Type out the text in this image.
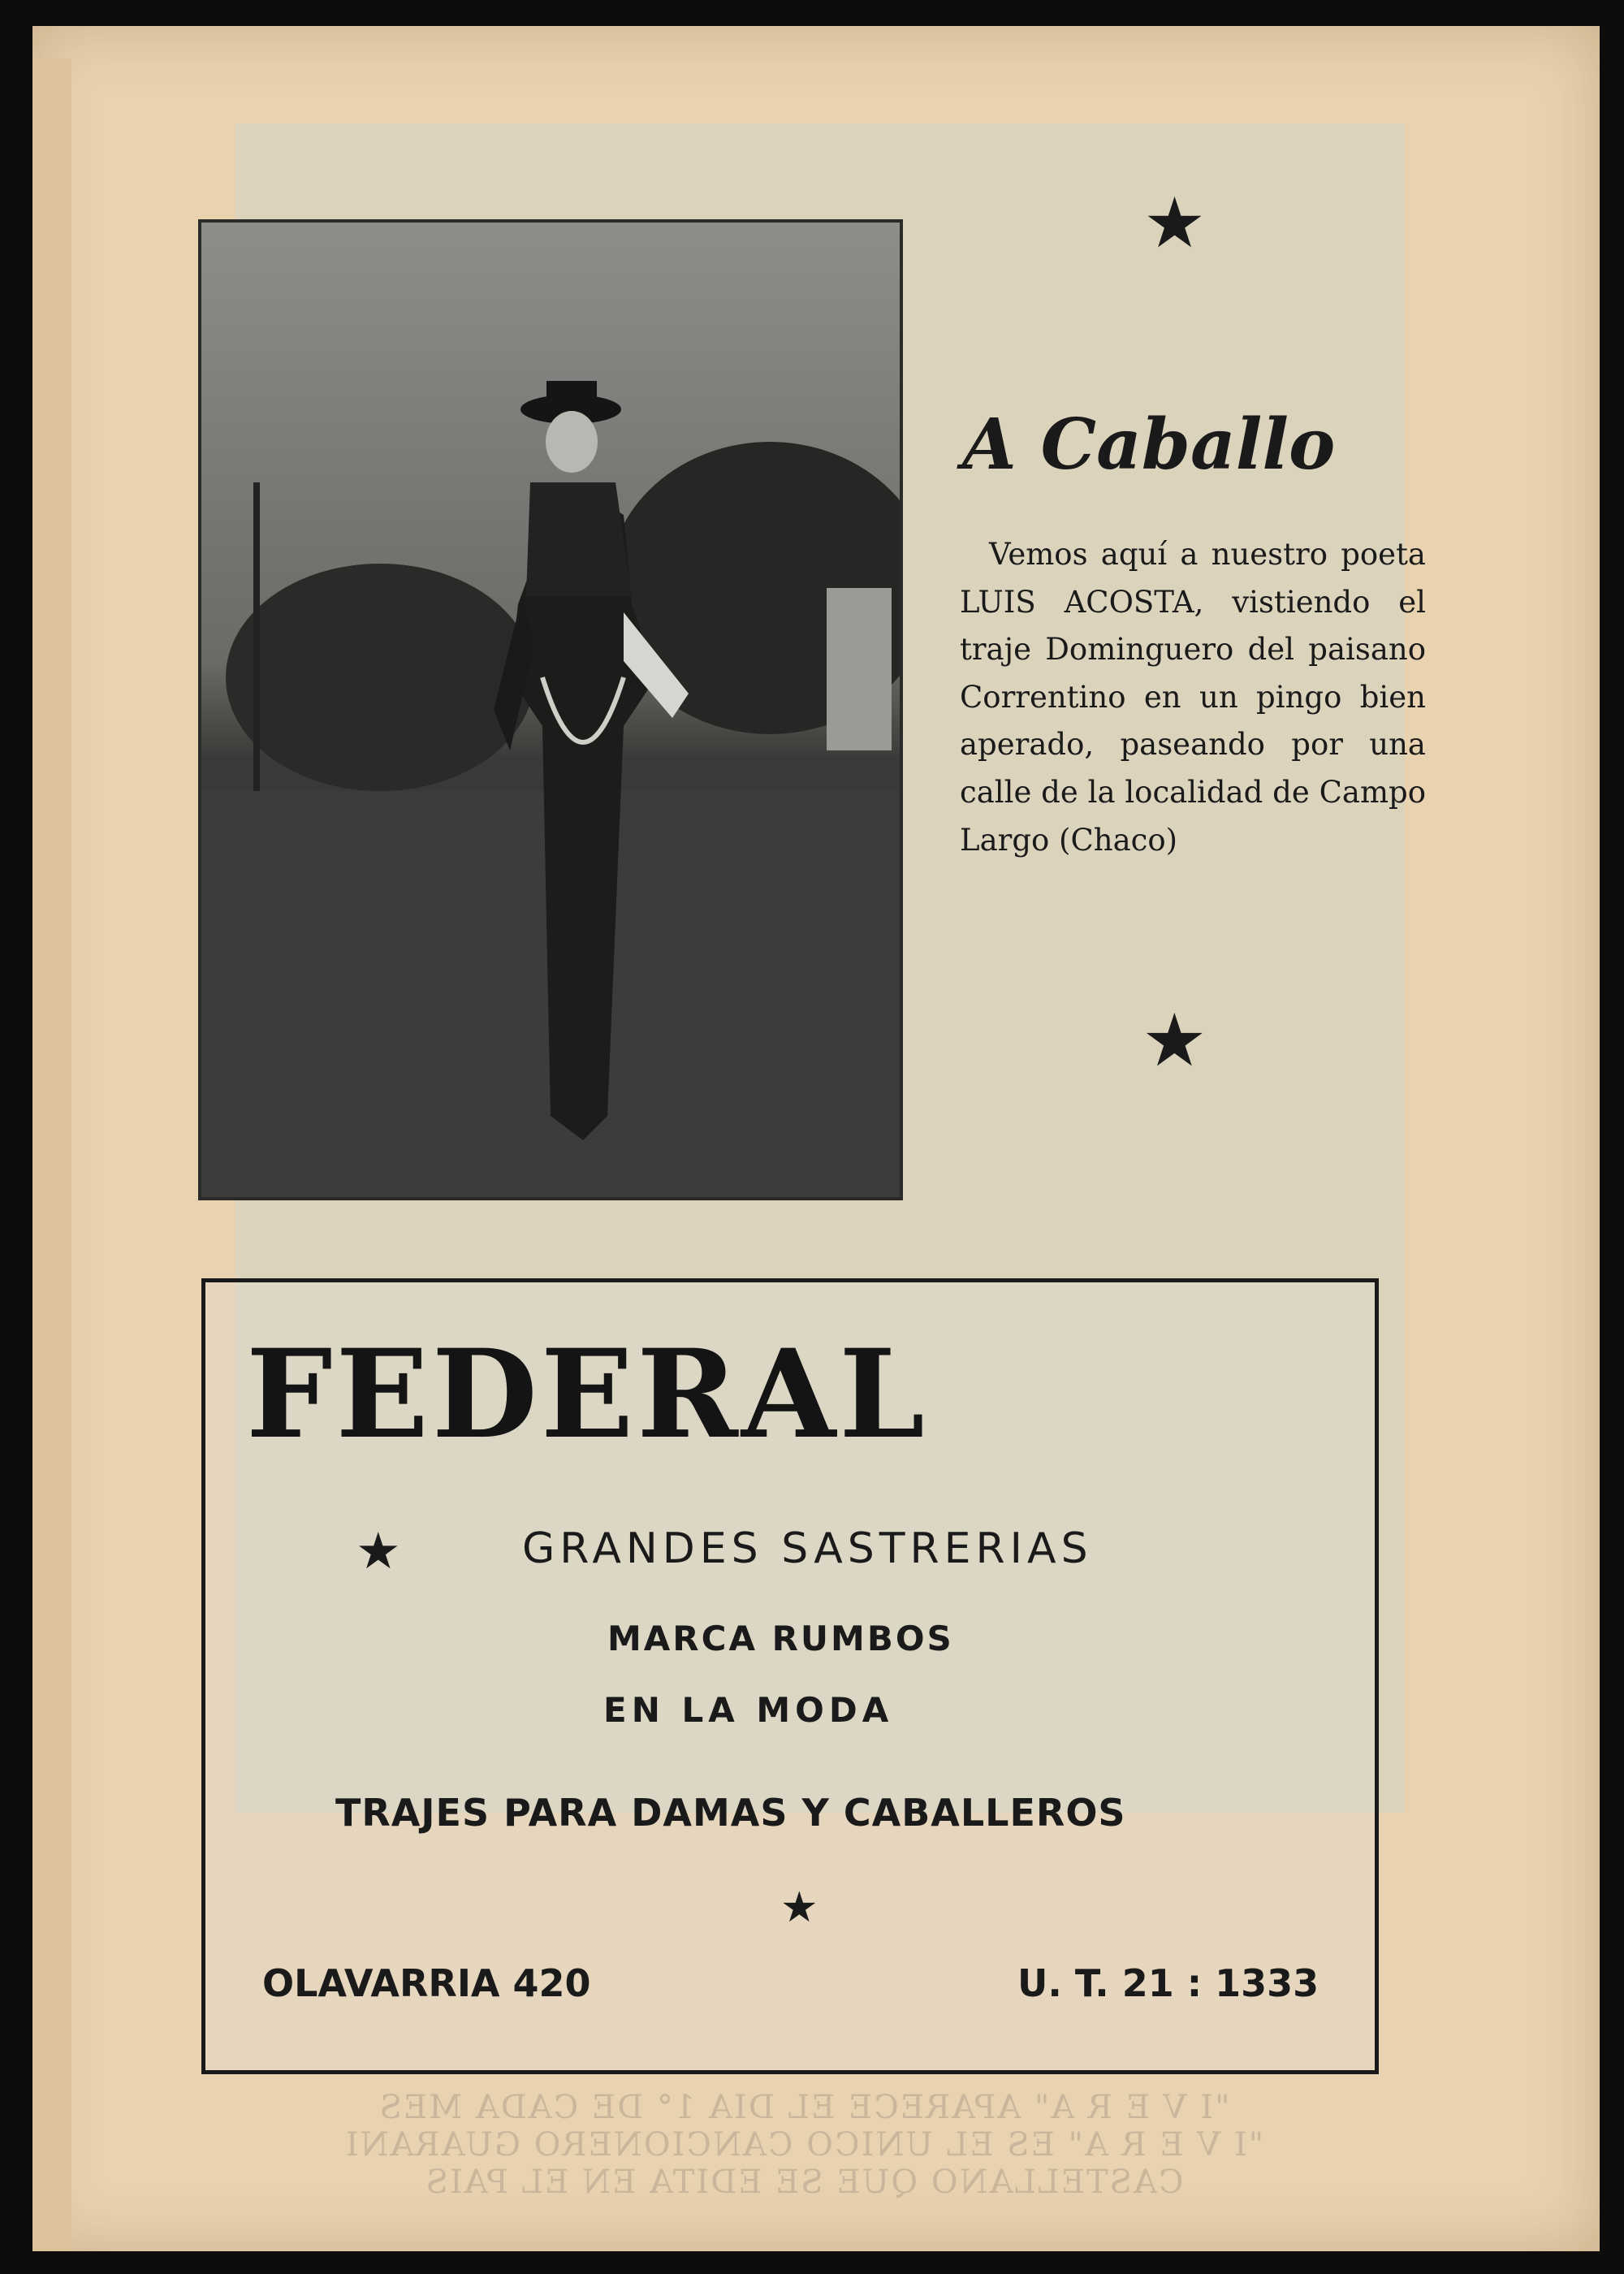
★
A Caballo
Vemos aquí a nuestro poeta LUIS ACOSTA, vistiendo el traje Dominguero del paisano Correntino en un pingo bien aperado, paseando por una calle de la localidad de Campo Largo (Chaco)
★
FEDERAL
★	GRANDES SASTRERIAS
MARCA RUMBOS
EN LA MODA
TRAJES PARA DAMAS Y CABALLEROS
★
OLAVARRIA 420	U. T. 21 : 1333
"I V E R A" APARECE EL DIA 1° DE CADA MES
"I V E R A" ES EL UNICO CANCIONERO GUARANI
CASTELLANO QUE SE EDITA EN EL PAIS
